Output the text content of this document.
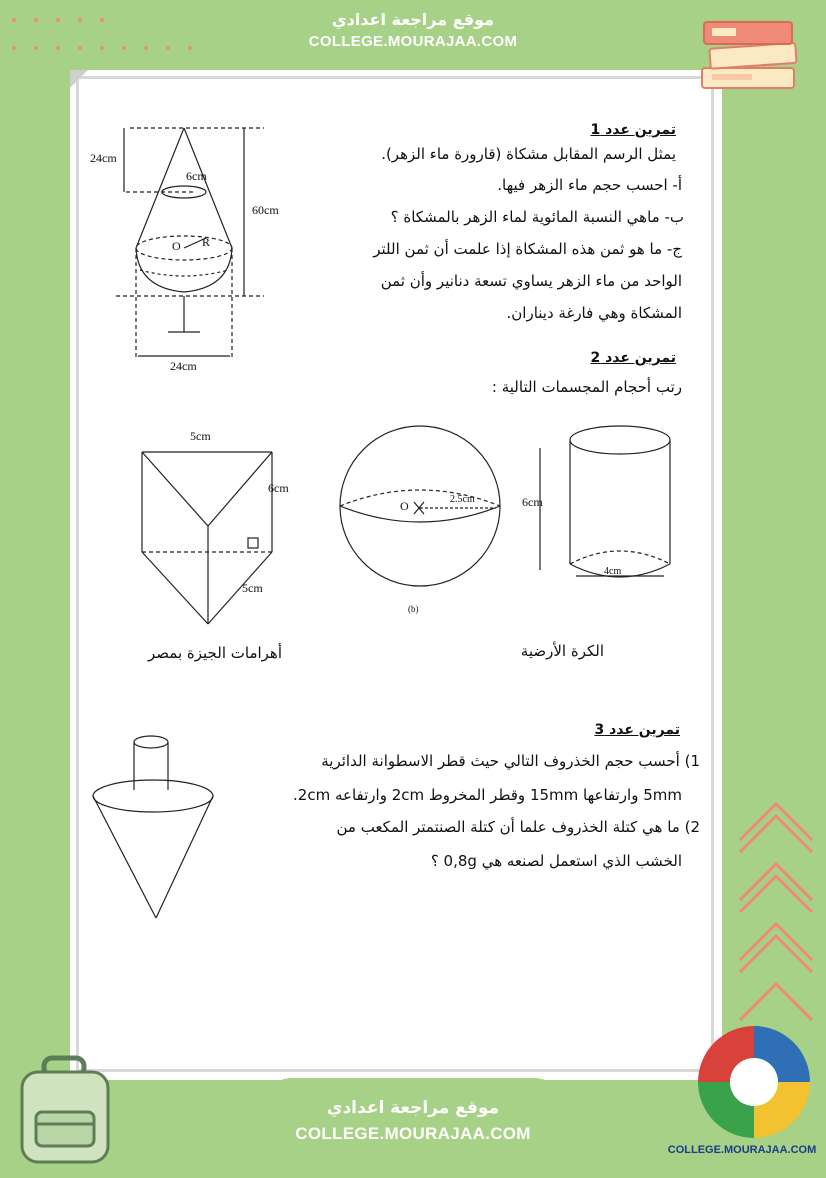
موقع مراجعة اعدادي
COLLEGE.MOURAJAA.COM
تمرين عدد 1
يمثل الرسم المقابل مشكاة (قارورة ماء الزهر).
أ- احسب حجم ماء الزهر فيها.
ب- ماهي النسبة المائوية لماء الزهر بالمشكاة ؟
ج- ما هو ثمن هذه المشكاة إذا علمت أن ثمن اللتر
الواحد من ماء الزهر يساوي تسعة دنانير وأن ثمن
المشكاة وهي فارغة ديناران.
24cm
6cm
60cm
O R
24cm	تمرين عدد 2
رتب أحجام المجسمات التالية :
5cm
6cm
5cm
أهرامات الجيزة بمصر
O	2.5cm
(b)
الكرة الأرضية
6cm
4cm
تمرين عدد 3
1) أحسب حجم الخذروف التالي حيث قطر الاسطوانة الدائرية
5mm وارتفاعها 15mm وقطر المخروط 2cm وارتفاعه 2cm.
2) ما هي كتلة الخذروف علما أن كتلة الصنتمتر المكعب من
الخشب الذي استعمل لصنعه هي 0,8g ؟
موقع مراجعة اعدادي
COLLEGE.MOURAJAA.COM
COLLEGE.MOURAJAA.COM
